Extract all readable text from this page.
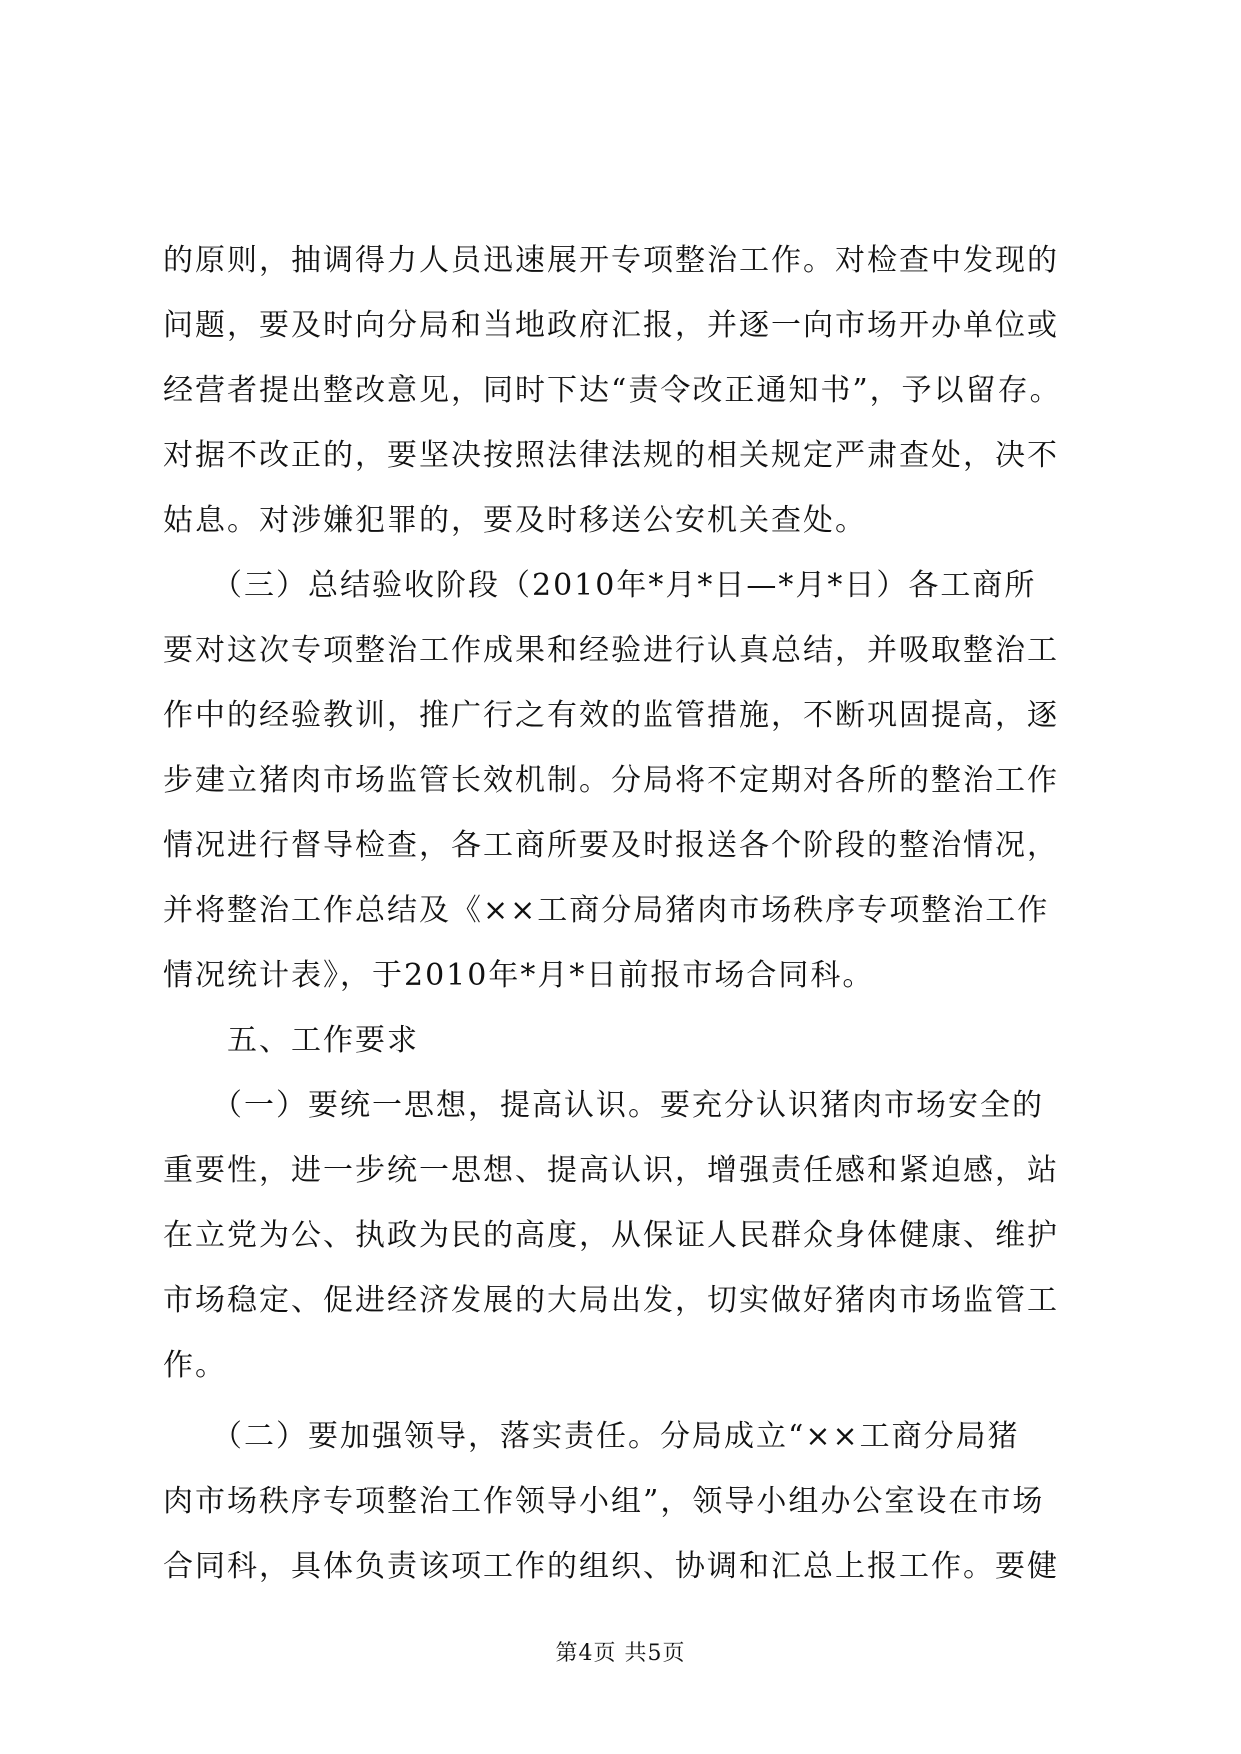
的原则，抽调得力人员迅速展开专项整治工作。对检查中发现的

问题，要及时向分局和当地政府汇报，并逐一向市场开办单位或

经营者提出整改意见，同时下达“责令改正通知书”，予以留存。

对据不改正的，要坚决按照法律法规的相关规定严肃查处，决不

姑息。对涉嫌犯罪的，要及时移送公安机关查处。

　　（三）总结验收阶段（2010年*月*日—*月*日）各工商所

要对这次专项整治工作成果和经验进行认真总结，并吸取整治工

作中的经验教训，推广行之有效的监管措施，不断巩固提高，逐

步建立猪肉市场监管长效机制。分局将不定期对各所的整治工作

情况进行督导检查，各工商所要及时报送各个阶段的整治情况，

并将整治工作总结及《××工商分局猪肉市场秩序专项整治工作

情况统计表》，于2010年*月*日前报市场合同科。

　　五、工作要求

　　（一）要统一思想，提高认识。要充分认识猪肉市场安全的

重要性，进一步统一思想、提高认识，增强责任感和紧迫感，站

在立党为公、执政为民的高度，从保证人民群众身体健康、维护

市场稳定、促进经济发展的大局出发，切实做好猪肉市场监管工

作。

　　（二）要加强领导，落实责任。分局成立“××工商分局猪

肉市场秩序专项整治工作领导小组”，领导小组办公室设在市场

合同科，具体负责该项工作的组织、协调和汇总上报工作。要健

第4页 共5页
